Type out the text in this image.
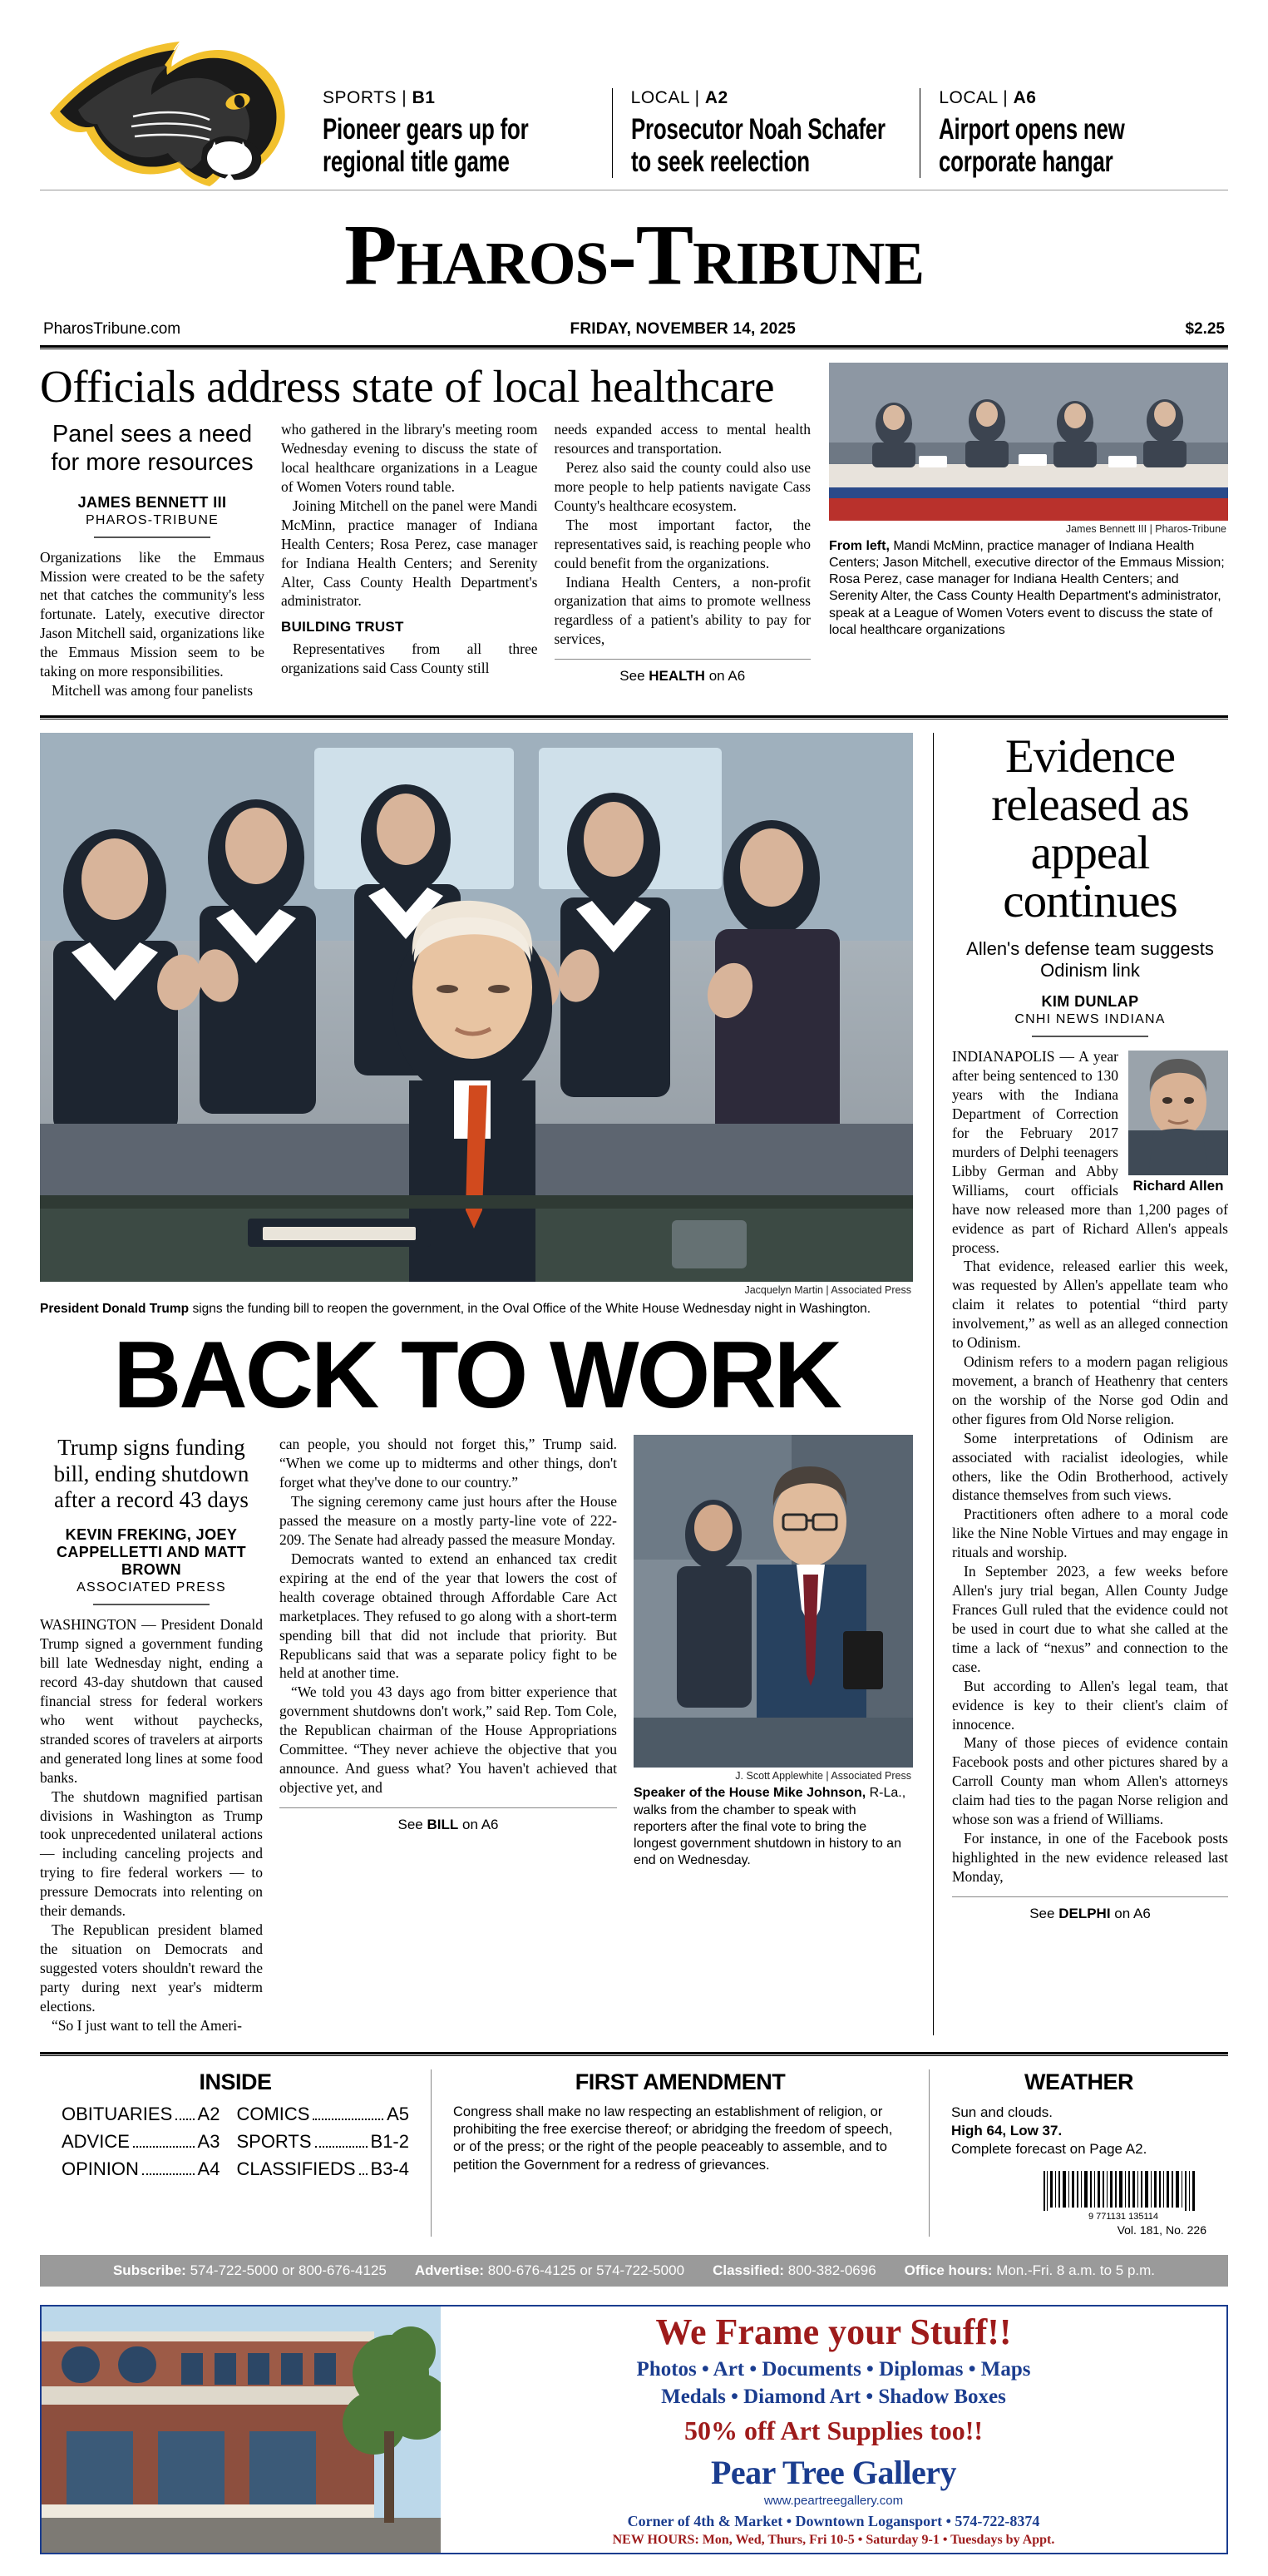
SPORTS | B1
Pioneer gears up for regional title game
LOCAL | A2
Prosecutor Noah Schafer to seek reelection
LOCAL | A6
Airport opens new corporate hangar
Pharos-Tribune
PharosTribune.com	FRIDAY, NOVEMBER 14, 2025	$2.25
Officials address state of local healthcare
Panel sees a need for more resources
JAMES BENNETT III
PHAROS-TRIBUNE

Organizations like the Emmaus Mission were created to be the safety net that catches the community's less fortunate. Lately, executive director Jason Mitchell said, organizations like the Emmaus Mission seem to be taking on more responsibilities.

Mitchell was among four panelists

who gathered in the library's meeting room Wednesday evening to discuss the state of local healthcare organizations in a League of Women Voters round table.

Joining Mitchell on the panel were Mandi McMinn, practice manager of Indiana Health Centers; Rosa Perez, case manager for Indiana Health Centers; and Serenity Alter, Cass County Health Department's administrator.

BUILDING TRUST

Representatives from all three organizations said Cass County still

needs expanded access to mental health resources and transportation.

Perez also said the county could also use more people to help patients navigate Cass County's healthcare ecosystem.

The most important factor, the representatives said, is reaching people who could benefit from the organizations.

Indiana Health Centers, a non-profit organization that aims to promote wellness regardless of a patient's ability to pay for services,

See HEALTH on A6
James Bennett III | Pharos-Tribune
From left, Mandi McMinn, practice manager of Indiana Health Centers; Jason Mitchell, executive director of the Emmaus Mission; Rosa Perez, case manager for Indiana Health Centers; and Serenity Alter, the Cass County Health Department's administrator, speak at a League of Women Voters event to discuss the state of local healthcare organizations
Jacquelyn Martin | Associated Press
President Donald Trump signs the funding bill to reopen the government, in the Oval Office of the White House Wednesday night in Washington.
BACK TO WORK
Trump signs funding bill, ending shutdown after a record 43 days
KEVIN FREKING, JOEY CAPPELLETTI AND MATT BROWN
ASSOCIATED PRESS

WASHINGTON — President Donald Trump signed a government funding bill late Wednesday night, ending a record 43-day shutdown that caused financial stress for federal workers who went without paychecks, stranded scores of travelers at airports and generated long lines at some food banks.

The shutdown magnified partisan divisions in Washington as Trump took unprecedented unilateral actions — including canceling projects and trying to fire federal workers — to pressure Democrats into relenting on their demands.

The Republican president blamed the situation on Democrats and suggested voters shouldn't reward the party during next year's midterm elections.

“So I just want to tell the Ameri-

can people, you should not forget this,” Trump said. “When we come up to midterms and other things, don't forget what they've done to our country.”

The signing ceremony came just hours after the House passed the measure on a mostly party-line vote of 222-209. The Senate had already passed the measure Monday.

Democrats wanted to extend an enhanced tax credit expiring at the end of the year that lowers the cost of health coverage obtained through Affordable Care Act marketplaces. They refused to go along with a short-term spending bill that did not include that priority. But Republicans said that was a separate policy fight to be held at another time.

“We told you 43 days ago from bitter experience that government shutdowns don't work,” said Rep. Tom Cole, the Republican chairman of the House Appropriations Committee. “They never achieve the objective that you announce. And guess what? You haven't achieved that objective yet, and

See BILL on A6
J. Scott Applewhite | Associated Press
Speaker of the House Mike Johnson, R-La., walks from the chamber to speak with reporters after the final vote to bring the longest government shutdown in history to an end on Wednesday.
Evidence released as appeal continues
Allen's defense team suggests Odinism link
KIM DUNLAP
CNHI NEWS INDIANA
Richard Allen

INDIANAPOLIS — A year after being sentenced to 130 years with the Indiana Department of Correction for the February 2017 murders of Delphi teenagers Libby German and Abby Williams, court officials have now released more than 1,200 pages of evidence as part of Richard Allen's appeals process.

That evidence, released earlier this week, was requested by Allen's appellate team who claim it relates to potential “third party involvement,” as well as an alleged connection to Odinism.

Odinism refers to a modern pagan religious movement, a branch of Heathenry that centers on the worship of the Norse god Odin and other figures from Old Norse religion.

Some interpretations of Odinism are associated with racialist ideologies, while others, like the Odin Brotherhood, actively distance themselves from such views.

Practitioners often adhere to a moral code like the Nine Noble Virtues and may engage in rituals and worship.

In September 2023, a few weeks before Allen's jury trial began, Allen County Judge Frances Gull ruled that the evidence could not be used in court due to what she called at the time a lack of “nexus” and connection to the case.

But according to Allen's legal team, that evidence is key to their client's claim of innocence.

Many of those pieces of evidence contain Facebook posts and other pictures shared by a Carroll County man whom Allen's attorneys claim had ties to the pagan Norse religion and whose son was a friend of Williams.

For instance, in one of the Facebook posts highlighted in the new evidence released last Monday,

See DELPHI on A6
INSIDE
OBITUARIES A2 COMICS	A5
ADVICE	A3 SPORTS	B1-2
OPINION	A4 CLASSIFIEDS B3-4
FIRST AMENDMENT
Congress shall make no law respecting an establishment of religion, or prohibiting the free exercise thereof; or abridging the freedom of speech, or of the press; or the right of the people peaceably to assemble, and to petition the Government for a redress of grievances.
WEATHER
Sun and clouds.
High 64, Low 37.
Complete forecast on Page A2.
9 771131 135114
Vol. 181, No. 226
Subscribe: 574-722-5000 or 800-676-4125 Advertise: 800-676-4125 or 574-722-5000 Classified: 800-382-0696 Office hours: Mon.-Fri. 8 a.m. to 5 p.m.
We Frame your Stuff!!
Photos • Art • Documents • Diplomas • Maps
Medals • Diamond Art • Shadow Boxes
50% off Art Supplies too!!
Pear Tree Gallery
www.peartreegallery.com
Corner of 4th & Market • Downtown Logansport • 574-722-8374
NEW HOURS: Mon, Wed, Thurs, Fri 10-5 • Saturday 9-1 • Tuesdays by Appt.
